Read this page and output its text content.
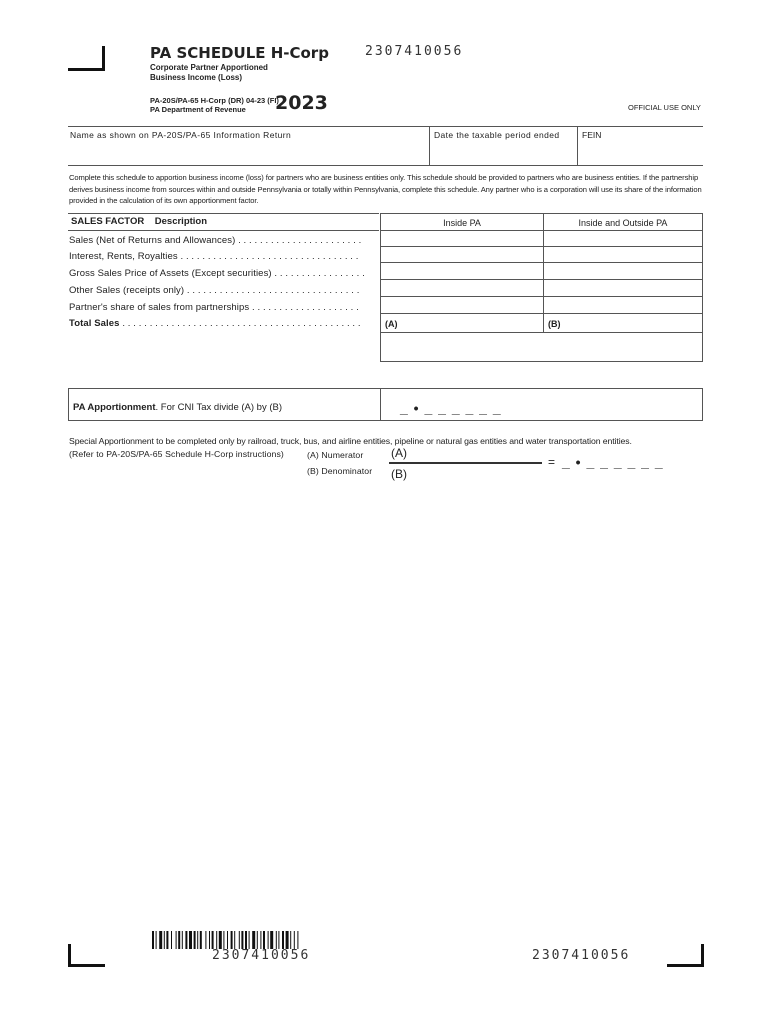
PA SCHEDULE H-Corp	2307410056
Corporate Partner Apportioned
Business Income (Loss)
PA-20S/PA-65 H-Corp (DR) 04-23 (FI)
PA Department of Revenue 2023	OFFICIAL USE ONLY
Name as shown on PA-20S/PA-65 Information Return	Date the taxable period ended	FEIN
Complete this schedule to apportion business income (loss) for partners who are business entities only. This schedule should be provided to partners who are business entities. If the partnership derives business income from sources within and outside Pennsylvania or totally within Pennsylvania, complete this schedule. Any partner who is a corporation will use its share of the information provided in the calculation of its own apportionment factor.
SALES FACTOR Description	Inside PA	Inside and Outside PA
Sales (Net of Returns and Allowances) . . . . . . . . . . . . . . . . . . . . . . .
Interest, Rents, Royalties . . . . . . . . . . . . . . . . . . . . . . . . . . . . . . . . .
Gross Sales Price of Assets (Except securities) . . . . . . . . . . . . . . . . .
Other Sales (receipts only) . . . . . . . . . . . . . . . . . . . . . . . . . . . . . . . .
Partner's share of sales from partnerships . . . . . . . . . . . . . . . . . . . .
Total Sales . . . . . . . . . . . . . . . . . . . . . . . . . . . . . . . . . . . . . . . . . . . .	(A)	(B)
PA Apportionment. For CNI Tax divide (A) by (B)	_ • _ _ _ _ _ _
Special Apportionment to be completed only by railroad, truck, bus, and airline entities, pipeline or natural gas entities and water transportation entities.
(Refer to PA-20S/PA-65 Schedule H-Corp instructions)	(A) Numerator
(B) Denominator
(A)
(B)
= _ • _ _ _ _ _ _
2307410056	2307410056
